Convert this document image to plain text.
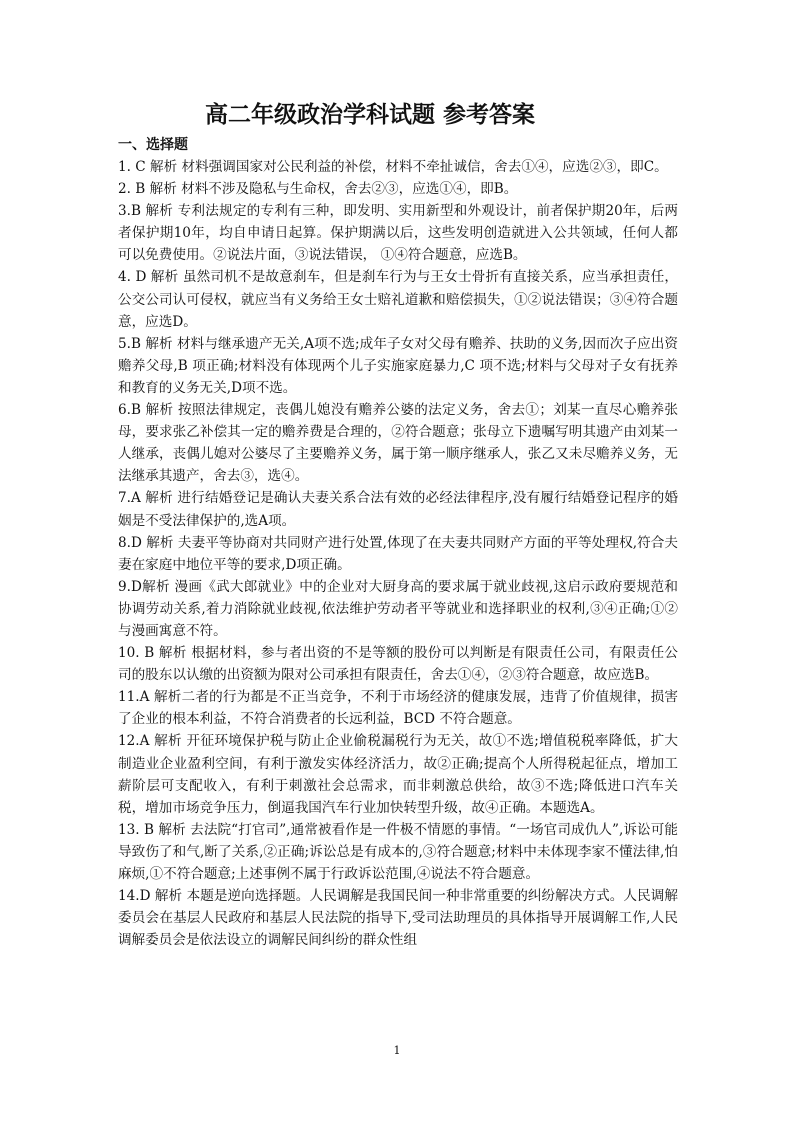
高二年级政治学科试题 参考答案
一、选择题

1. C 解析 材料强调国家对公民利益的补偿，材料不牵扯诚信，舍去①④，应选②③，即C。

2. B 解析 材料不涉及隐私与生命权，舍去②③，应选①④，即B。

3.B 解析 专利法规定的专利有三种，即发明、实用新型和外观设计，前者保护期20年，后两者保护期10年，均自申请日起算。保护期满以后，这些发明创造就进入公共领域，任何人都可以免费使用。②说法片面，③说法错误， ①④符合题意，应选B。

4. D 解析 虽然司机不是故意刹车，但是刹车行为与王女士骨折有直接关系，应当承担责任，公交公司认可侵权，就应当有义务给王女士赔礼道歉和赔偿损失，①②说法错误；③④符合题意，应选D。

5.B 解析 材料与继承遗产无关,A项不选;成年子女对父母有赡养、扶助的义务,因而次子应出资赡养父母,B 项正确;材料没有体现两个儿子实施家庭暴力,C 项不选;材料与父母对子女有抚养和教育的义务无关,D项不选。

6.B 解析 按照法律规定，丧偶儿媳没有赡养公婆的法定义务，舍去①；刘某一直尽心赡养张母，要求张乙补偿其一定的赡养费是合理的，②符合题意；张母立下遗嘱写明其遗产由刘某一人继承，丧偶儿媳对公婆尽了主要赡养义务，属于第一顺序继承人，张乙又未尽赡养义务，无法继承其遗产，舍去③，选④。

7.A 解析 进行结婚登记是确认夫妻关系合法有效的必经法律程序,没有履行结婚登记程序的婚姻是不受法律保护的,选A项。

8.D 解析 夫妻平等协商对共同财产进行处置,体现了在夫妻共同财产方面的平等处理权,符合夫妻在家庭中地位平等的要求,D项正确。

9.D解析 漫画《武大郎就业》中的企业对大厨身高的要求属于就业歧视,这启示政府要规范和协调劳动关系,着力消除就业歧视,依法维护劳动者平等就业和选择职业的权利,③④正确;①②与漫画寓意不符。

10. B 解析 根据材料，参与者出资的不是等额的股份可以判断是有限责任公司，有限责任公司的股东以认缴的出资额为限对公司承担有限责任，舍去①④，②③符合题意，故应选B。

11.A 解析二者的行为都是不正当竞争，不利于市场经济的健康发展，违背了价值规律，损害了企业的根本利益，不符合消费者的长远利益，BCD 不符合题意。

12.A 解析 开征环境保护税与防止企业偷税漏税行为无关，故①不选;增值税税率降低，扩大制造业企业盈利空间，有利于激发实体经济活力，故②正确;提高个人所得税起征点，增加工薪阶层可支配收入，有利于刺激社会总需求，而非刺激总供给，故③不选;降低进口汽车关税，增加市场竞争压力，倒逼我国汽车行业加快转型升级，故④正确。本题选A。

13. B 解析 去法院“打官司”,通常被看作是一件极不情愿的事情。“一场官司成仇人”,诉讼可能导致伤了和气,断了关系,②正确;诉讼总是有成本的,③符合题意;材料中未体现李家不懂法律,怕麻烦,①不符合题意;上述事例不属于行政诉讼范围,④说法不符合题意。

14.D 解析 本题是逆向选择题。人民调解是我国民间一种非常重要的纠纷解决方式。人民调解委员会在基层人民政府和基层人民法院的指导下,受司法助理员的具体指导开展调解工作,人民调解委员会是依法设立的调解民间纠纷的群众性组

1
